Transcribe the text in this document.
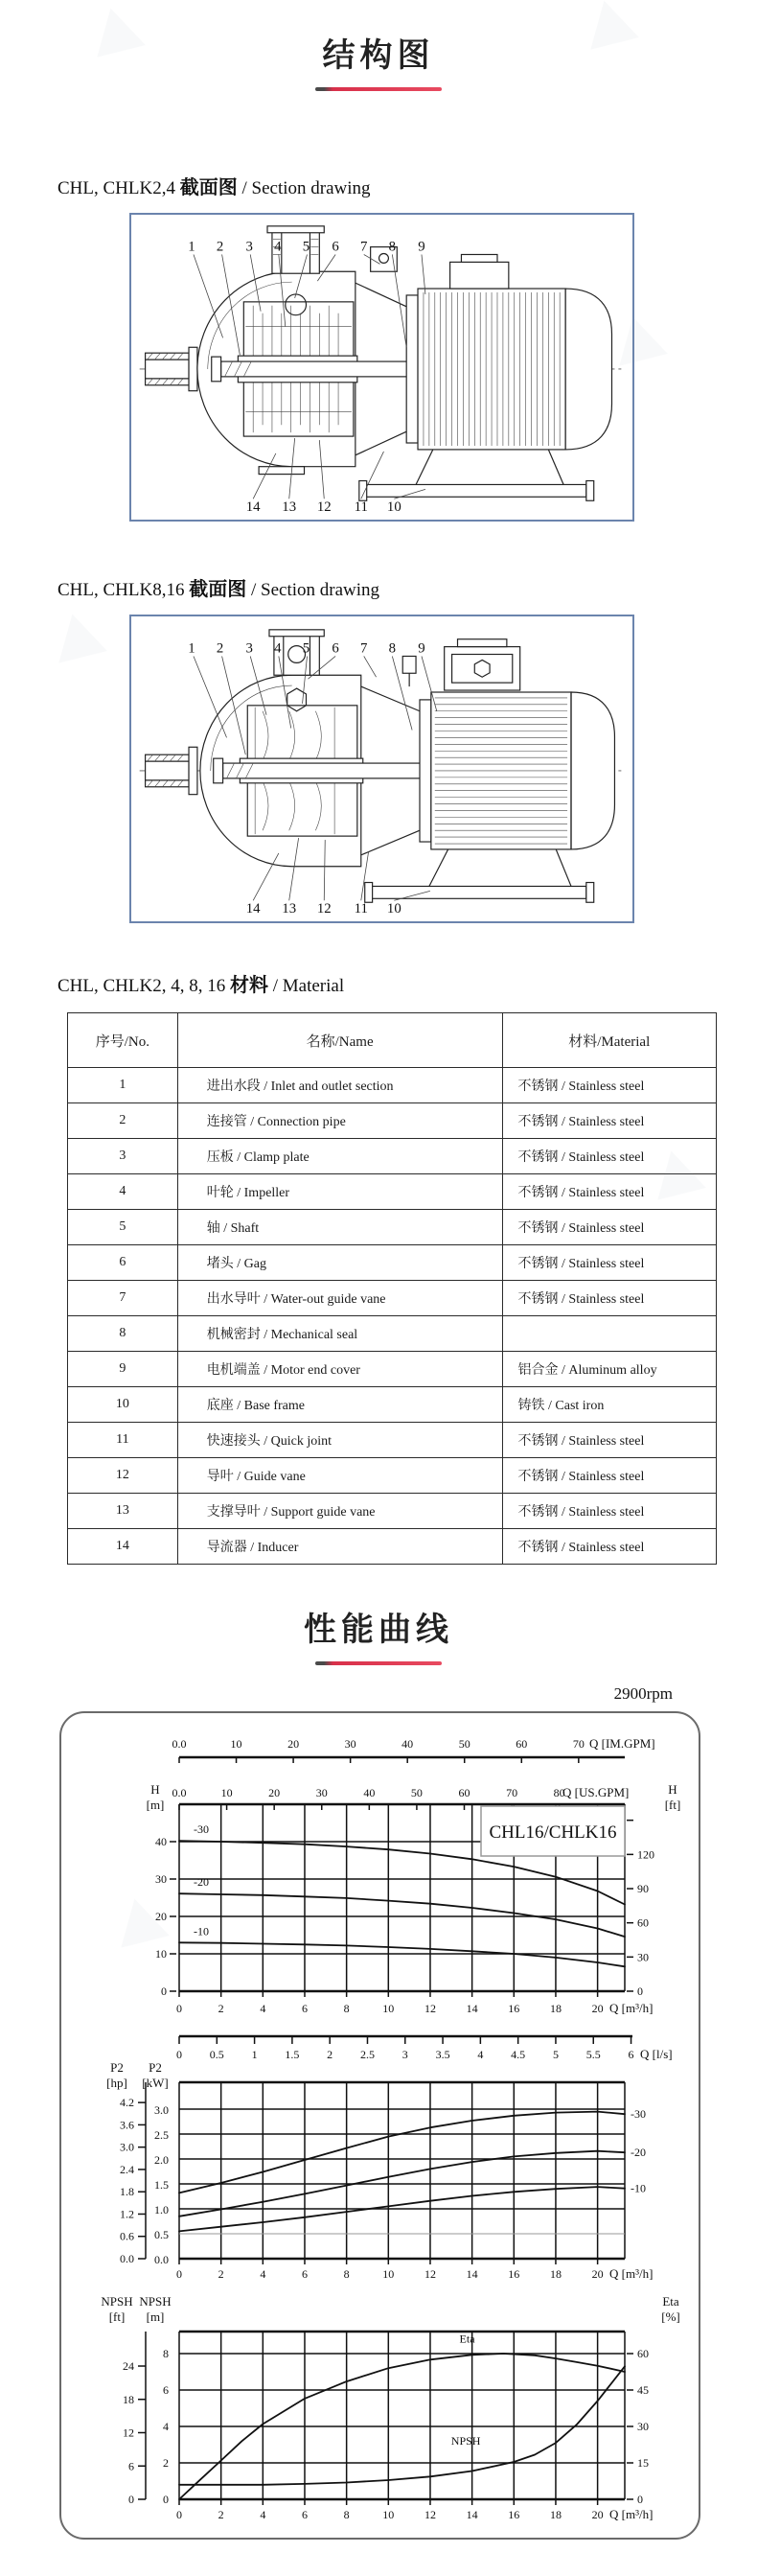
结构图
CHL, CHLK2,4 截面图 / Section drawing
1 2 3 4 5 6 7 8 9
14 13 12 11 10
CHL, CHLK8,16 截面图 / Section drawing
1 2 3 4 5 6 7 8 9
14 13 12 11 10
CHL, CHLK2, 4, 8, 16 材料 / Material
序号/No.	名称/Name	材料/Material
1	进出水段 / Inlet and outlet section	不锈钢 / Stainless steel
2	连接管 / Connection pipe	不锈钢 / Stainless steel
3	压板 / Clamp plate	不锈钢 / Stainless steel
4	叶轮 / Impeller	不锈钢 / Stainless steel
5	轴 / Shaft	不锈钢 / Stainless steel
6	堵头 / Gag	不锈钢 / Stainless steel
7	出水导叶 / Water-out guide vane	不锈钢 / Stainless steel
8	机械密封 / Mechanical seal	
9	电机端盖 / Motor end cover	铝合金 / Aluminum alloy
10	底座 / Base frame	铸铁 / Cast iron
11	快速接头 / Quick joint	不锈钢 / Stainless steel
12	导叶 / Guide vane	不锈钢 / Stainless steel
13	支撑导叶 / Support guide vane	不锈钢 / Stainless steel
14	导流器 / Inducer	不锈钢 / Stainless steel
性能曲线
2900rpm
0.0	10	20	30	40	50	60	70 Q [IM.GPM]
0.0	10	20	30	40	50	60	70	80
Q [US.GPM]
0
10
20
30
40
H
[m]
0
30
60
90
120
H
[ft]
0	2	4	6	8	10	12	14	16	18	20 Q [m³/h]
0 0.5 1 1.5 2 2.5 3 3.5 4 4.5 5 5.5 6 Q [l/s]
-30
-20
-10
CHL16/CHLK16
0.0
0.5
1.0
1.5
2.0
2.5
3.0
0.0
0.6
1.2
1.8
2.4
3.0
3.6
4.2
P2
[hp]
P2
[kW]
0	2	4	6	8	10	12	14	16	18	20 Q [m³/h]
-30
-20
-10
0
2
4
6
8
0
6
12
18
24
NPSH
[ft]
NPSH
[m]
0
15
30
45
60
Eta
[%]
0	2	4	6	8	10	12	14	16	18	20 Q [m³/h]
Eta
NPSH
